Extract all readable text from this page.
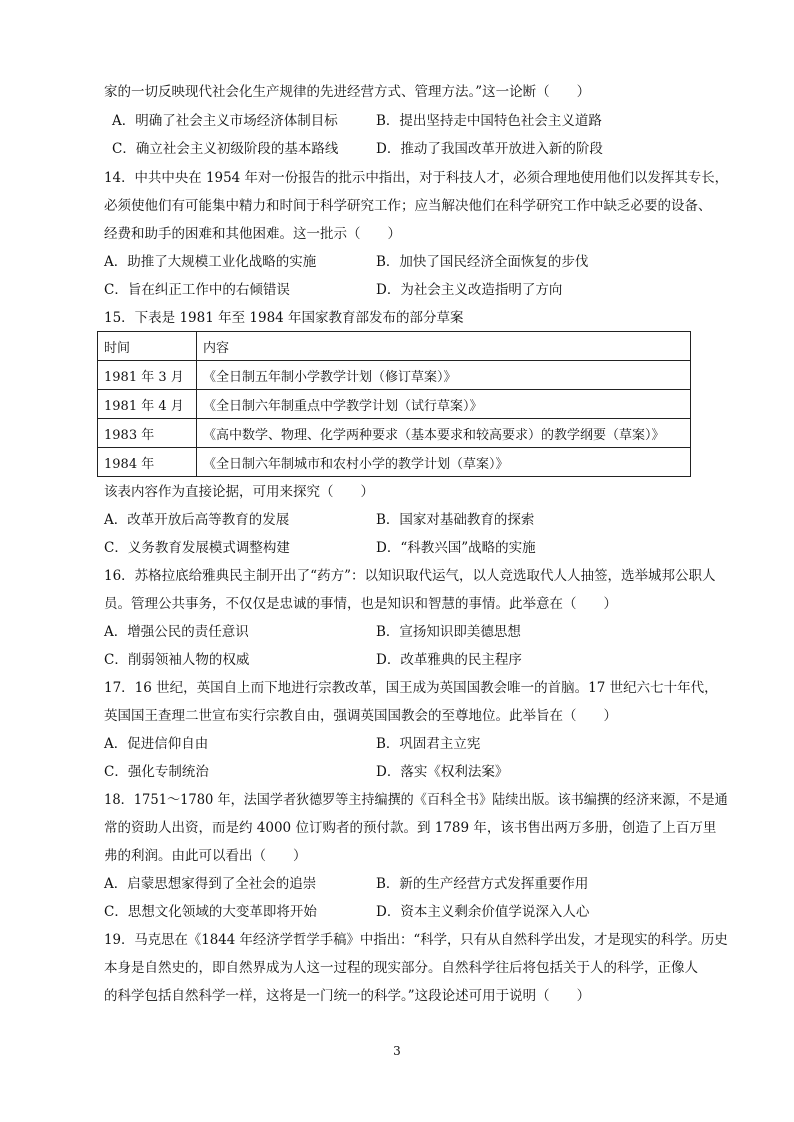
家的一切反映现代社会化生产规律的先进经营方式、管理方法。”这一论断（　　）
A．明确了社会主义市场经济体制目标	B．提出坚持走中国特色社会主义道路
C．确立社会主义初级阶段的基本路线	D．推动了我国改革开放进入新的阶段
14．中共中央在 1954 年对一份报告的批示中指出，对于科技人才，必须合理地使用他们以发挥其专长，
必须使他们有可能集中精力和时间于科学研究工作；应当解决他们在科学研究工作中缺乏必要的设备、
经费和助手的困难和其他困难。这一批示（　　）
A．助推了大规模工业化战略的实施	B．加快了国民经济全面恢复的步伐
C．旨在纠正工作中的右倾错误	D．为社会主义改造指明了方向
15．下表是 1981 年至 1984 年国家教育部发布的部分草案
时间	内容
1981 年 3 月	《全日制五年制小学教学计划（修订草案）》
1981 年 4 月	《全日制六年制重点中学教学计划（试行草案）》
1983 年	《高中数学、物理、化学两种要求（基本要求和较高要求）的教学纲要（草案）》
1984 年	《全日制六年制城市和农村小学的教学计划（草案）》
该表内容作为直接论据，可用来探究（　　）
A．改革开放后高等教育的发展	B．国家对基础教育的探索
C．义务教育发展模式调整构建	D．“科教兴国”战略的实施
16．苏格拉底给雅典民主制开出了“药方”：以知识取代运气，以人竞选取代人人抽签，选举城邦公职人
员。管理公共事务，不仅仅是忠诚的事情，也是知识和智慧的事情。此举意在（　　）
A．增强公民的责任意识	B．宣扬知识即美德思想
C．削弱领袖人物的权威	D．改革雅典的民主程序
17．16 世纪，英国自上而下地进行宗教改革，国王成为英国国教会唯一的首脑。17 世纪六七十年代，
英国国王查理二世宣布实行宗教自由，强调英国国教会的至尊地位。此举旨在（　　）
A．促进信仰自由	B．巩固君主立宪
C．强化专制统治	D．落实《权利法案》
18．1751～1780 年，法国学者狄德罗等主持编撰的《百科全书》陆续出版。该书编撰的经济来源，不是通
常的资助人出资，而是约 4000 位订购者的预付款。到 1789 年，该书售出两万多册，创造了上百万里
弗的利润。由此可以看出（　　）
A．启蒙思想家得到了全社会的追崇	B．新的生产经营方式发挥重要作用
C．思想文化领域的大变革即将开始	D．资本主义剩余价值学说深入人心
19．马克思在《1844 年经济学哲学手稿》中指出：“科学，只有从自然科学出发，才是现实的科学。历史
本身是自然史的，即自然界成为人这一过程的现实部分。自然科学往后将包括关于人的科学，正像人
的科学包括自然科学一样，这将是一门统一的科学。”这段论述可用于说明（　　）
3
